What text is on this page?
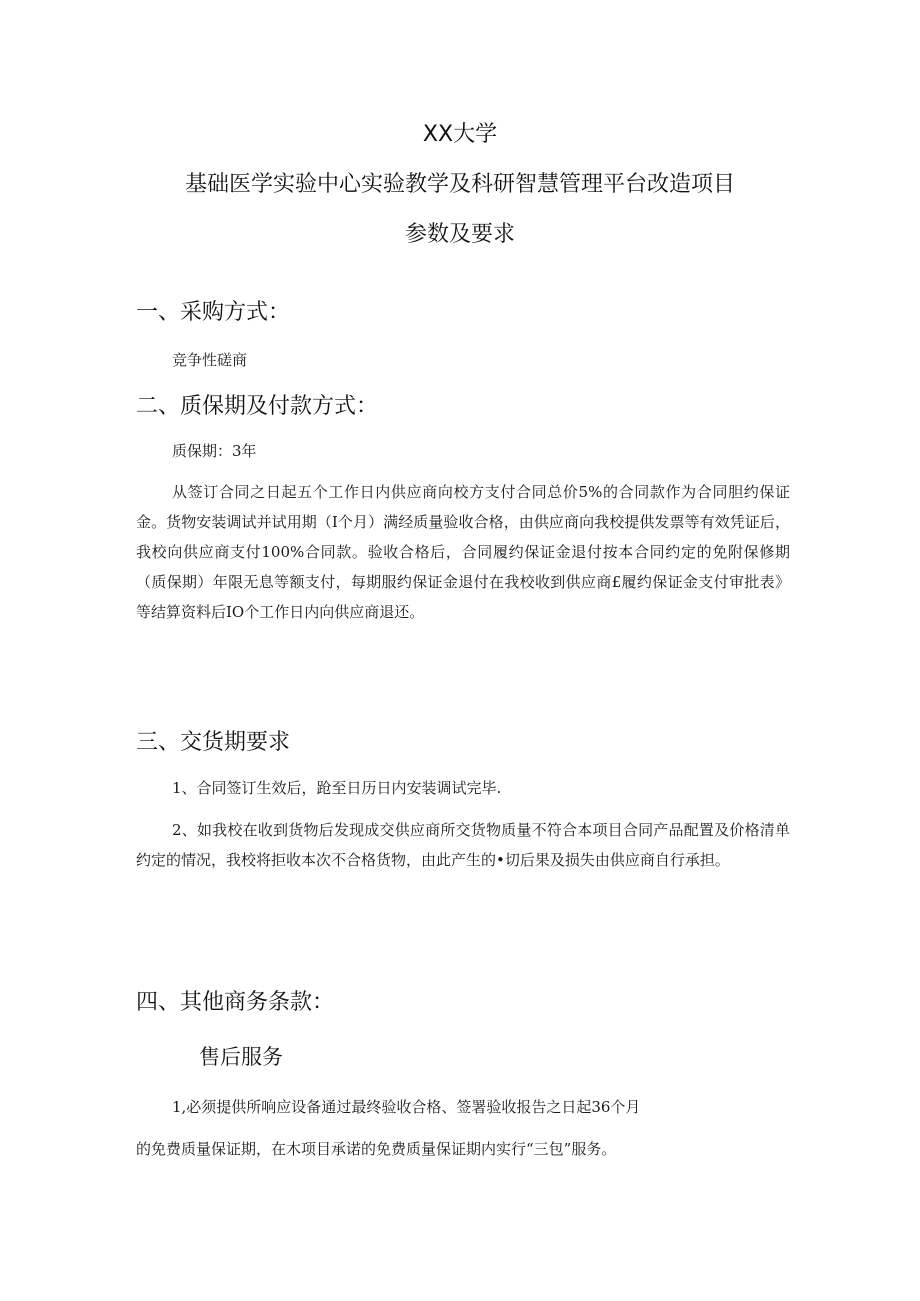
XX大学
基础医学实验中心实验教学及科研智慧管理平台改造项目
参数及要求
一、采购方式：
竞争性磋商
二、质保期及付款方式：
质保期：3年

从签订合同之日起五个工作日内供应商向校方支付合同总价5%的合同款作为合同胆约保证金。货物安装调试并试用期（I个月）满经质量验收合格，由供应商向我校提供发票等有效凭证后，我校向供应商支付100%合同款。验收合格后，合同履约保证金退付按本合同约定的免附保修期（质保期）年限无息等额支付，每期服约保证金退付在我校收到供应商£履约保证金支付审批表》等结算资料后IO个工作日内向供应商退还。

三、交货期要求

1、合同签订生效后，跄至日历日内安装调试完毕.

2、如我校在收到货物后发现成交供应商所交货物质量不符合本项目合同产品配置及价格清单约定的情况，我校将拒收本次不合格货物，由此产生的•切后果及损失由供应商自行承担。

四、其他商务条款：
售后服务
1,必须提供所响应设备通过最终验收合格、签署验收报告之日起36个月
的免费质量保证期，在木项目承诺的免费质量保证期内实行“三包”服务。
